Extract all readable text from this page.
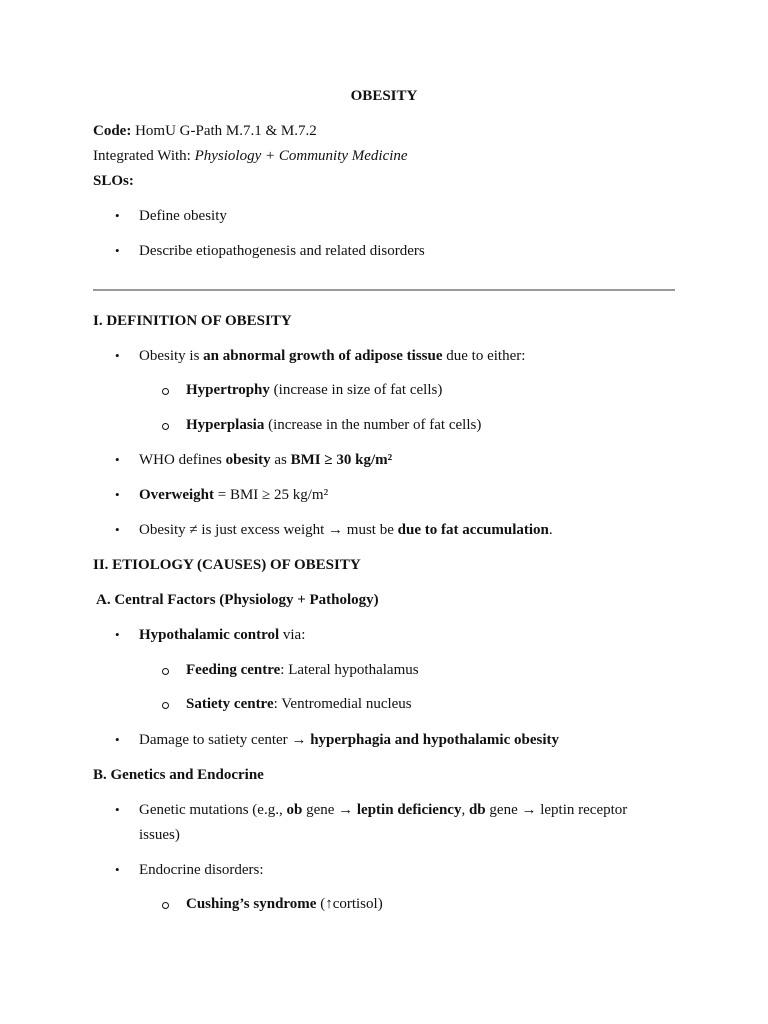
OBESITY
Code: HomU G-Path M.7.1 & M.7.2
Integrated With: Physiology + Community Medicine
SLOs:
• Define obesity
• Describe etiopathogenesis and related disorders
I. DEFINITION OF OBESITY
• Obesity is an abnormal growth of adipose tissue due to either:
Hypertrophy (increase in size of fat cells)
Hyperplasia (increase in the number of fat cells)
• WHO defines obesity as BMI ≥ 30 kg/m²
• Overweight = BMI ≥ 25 kg/m²
• Obesity ≠ is just excess weight → must be due to fat accumulation.
II. ETIOLOGY (CAUSES) OF OBESITY
A. Central Factors (Physiology + Pathology)
• Hypothalamic control via:
Feeding centre: Lateral hypothalamus
Satiety centre: Ventromedial nucleus
• Damage to satiety center → hyperphagia and hypothalamic obesity
B. Genetics and Endocrine
• Genetic mutations (e.g., ob gene → leptin deficiency, db gene → leptin receptor
issues)
• Endocrine disorders:
Cushing’s syndrome (↑cortisol)
